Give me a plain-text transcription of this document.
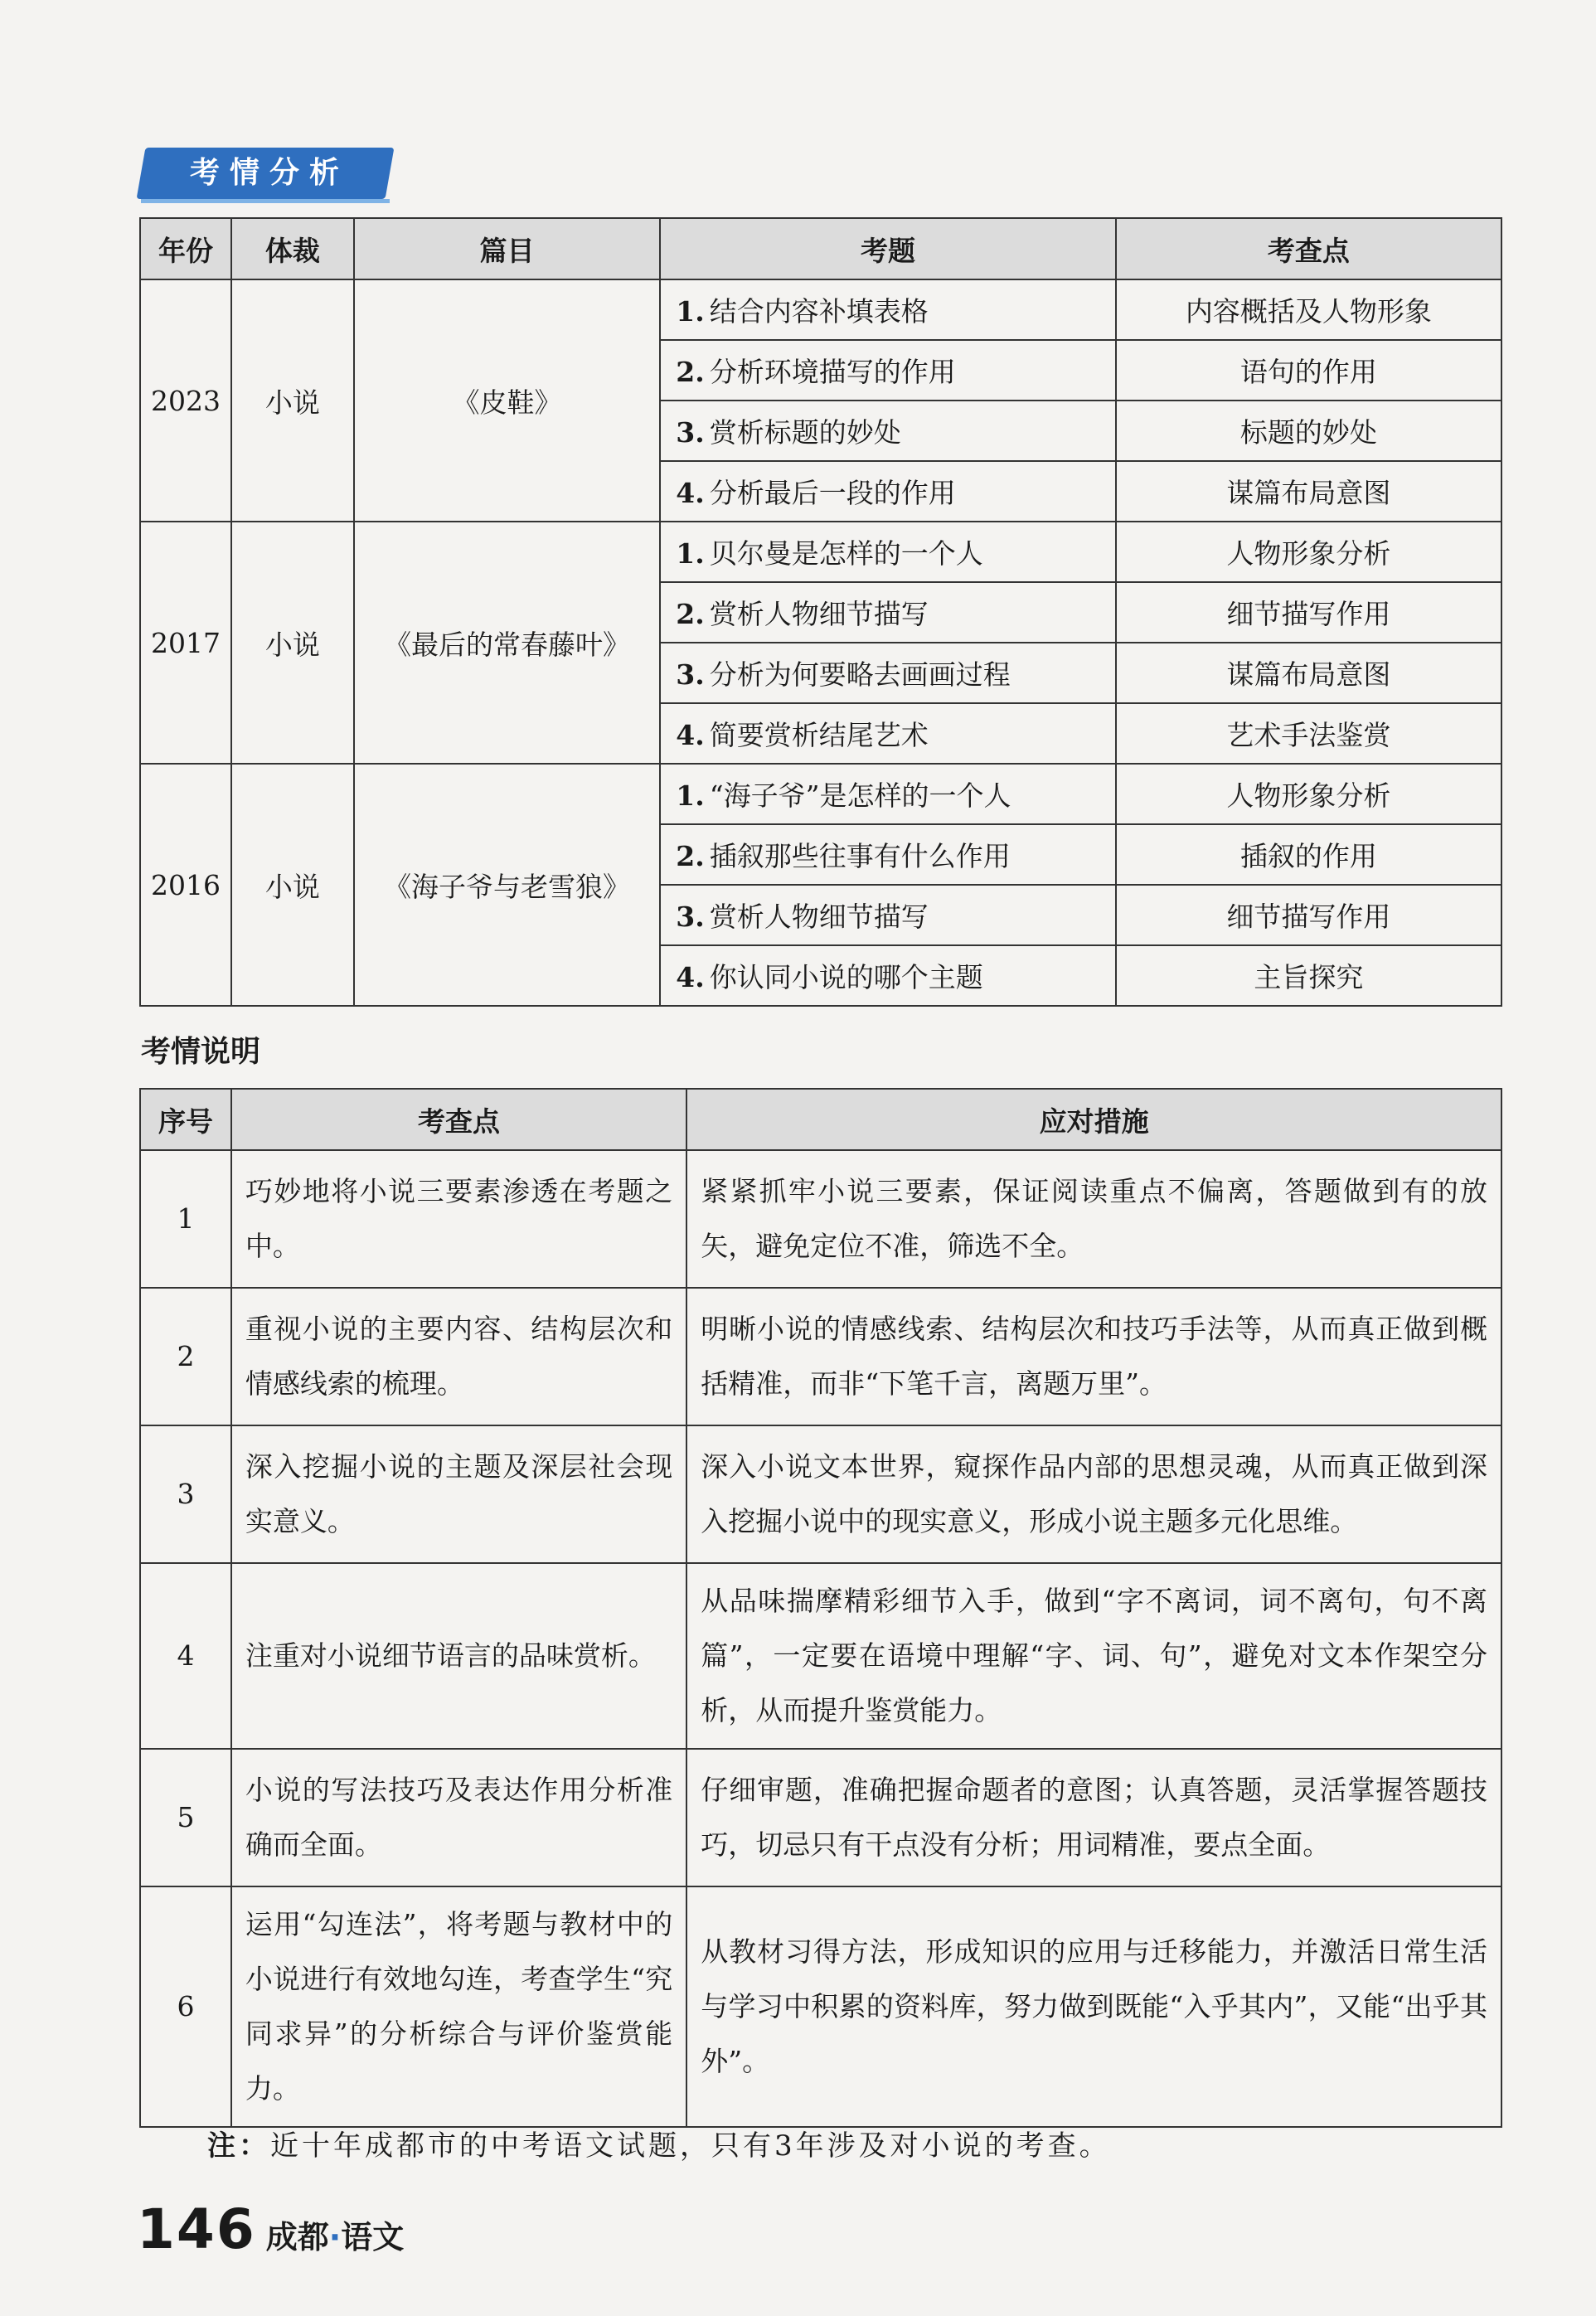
考情分析
年份	体裁	篇目	考题	考查点
2023	小说	《皮鞋》	1. 结合内容补填表格	内容概括及人物形象
			2. 分析环境描写的作用	语句的作用
			3. 赏析标题的妙处	标题的妙处
			4. 分析最后一段的作用	谋篇布局意图
2017	小说	《最后的常春藤叶》	1. 贝尔曼是怎样的一个人	人物形象分析
			2. 赏析人物细节描写	细节描写作用
			3. 分析为何要略去画画过程	谋篇布局意图
			4. 简要赏析结尾艺术	艺术手法鉴赏
2016	小说	《海子爷与老雪狼》	1. “海子爷”是怎样的一个人	人物形象分析
			2. 插叙那些往事有什么作用	插叙的作用
			3. 赏析人物细节描写	细节描写作用
			4. 你认同小说的哪个主题	主旨探究
考情说明
序号	考查点	应对措施
1	巧妙地将小说三要素渗透在考题之中。	紧紧抓牢小说三要素，保证阅读重点不偏离，答题做到有的放矢，避免定位不准，筛选不全。
2	重视小说的主要内容、结构层次和情感线索的梳理。	明晰小说的情感线索、结构层次和技巧手法等，从而真正做到概括精准，而非“下笔千言，离题万里”。
3	深入挖掘小说的主题及深层社会现实意义。	深入小说文本世界，窥探作品内部的思想灵魂，从而真正做到深入挖掘小说中的现实意义，形成小说主题多元化思维。
4	注重对小说细节语言的品味赏析。	从品味揣摩精彩细节入手，做到“字不离词，词不离句，句不离篇”，一定要在语境中理解“字、词、句”，避免对文本作架空分析，从而提升鉴赏能力。
5	小说的写法技巧及表达作用分析准确而全面。	仔细审题，准确把握命题者的意图；认真答题，灵活掌握答题技巧，切忌只有干点没有分析；用词精准，要点全面。
6	运用“勾连法”，将考题与教材中的小说进行有效地勾连，考查学生“究同求异”的分析综合与评价鉴赏能力。	从教材习得方法，形成知识的应用与迁移能力，并激活日常生活与学习中积累的资料库，努力做到既能“入乎其内”，又能“出乎其外”。
注：近十年成都市的中考语文试题，只有3年涉及对小说的考查。
146 成都·语文
